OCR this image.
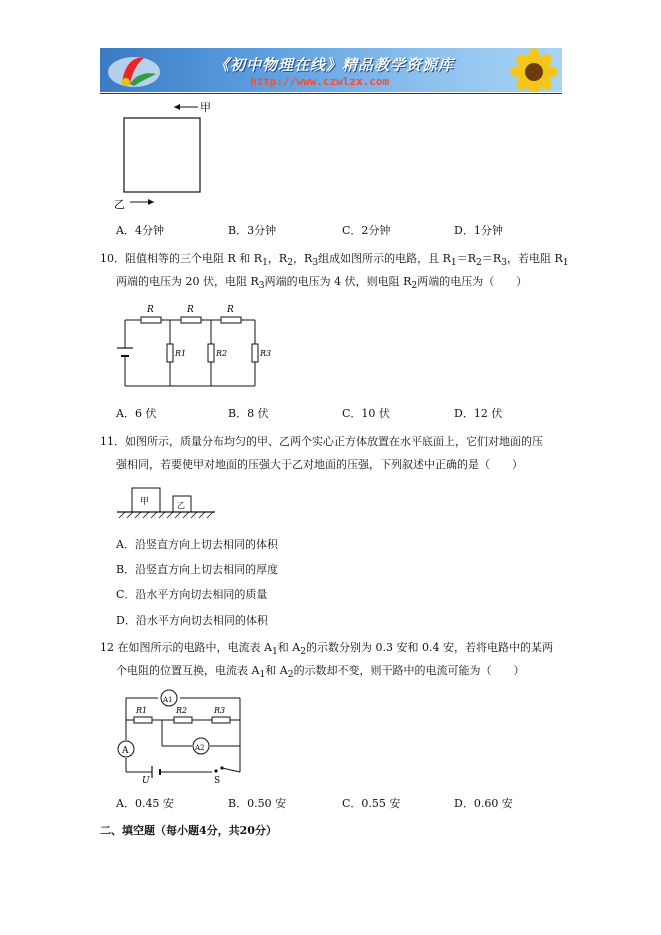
《初中物理在线》精品教学资源库
http://www.czwlzx.com
甲
乙
A．4分钟	B．3分钟	C．2分钟	D．1分钟
10．阻值相等的三个电阻 R 和 $R_1$，$R_2$，$R_3$组成如图所示的电路，且 $R_1=R_2=R_3$，若电阻 $R_1$
两端的电压为 20 伏，电阻 $R_3$两端的电压为 4 伏，则电阻 $R_2$两端的电压为（　　）
R	R	R
R1	R2	R3
A．6 伏	B．8 伏	C．10 伏	D．12 伏
11．如图所示，质量分布均匀的甲、乙两个实心正方体放置在水平底面上，它们对地面的压
强相同，若要使甲对地面的压强大于乙对地面的压强，下列叙述中正确的是（　　）
甲	乙
A．沿竖直方向上切去相同的体积
B．沿竖直方向上切去相同的厚度
C．沿水平方向切去相同的质量
D．沿水平方向切去相同的体积
12 在如图所示的电路中，电流表 $A_1$和 $A_2$的示数分别为 0.3 安和 0.4 安，若将电路中的某两
个电阻的位置互换，电流表 $A_1$和 $A_2$的示数却不变，则干路中的电流可能为（　　）
A1
A2
A
R1	R2	R3
U	S
A．0.45 安	B．0.50 安	C．0.55 安	D．0.60 安
二、填空题（每小题4分，共20分）
